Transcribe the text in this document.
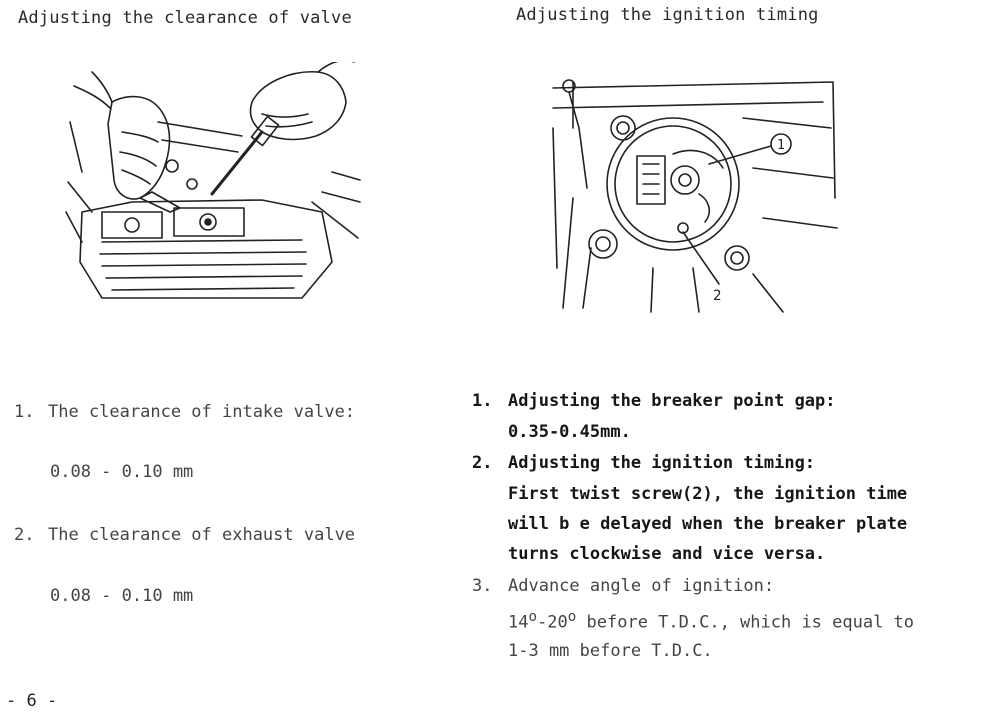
Adjusting the clearance of valve	Adjusting the ignition timing
1
2
1. The clearance of intake valve:
0.08 - 0.10 mm
2. The clearance of exhaust valve
0.08 - 0.10 mm
1. Adjusting the breaker point gap:
0.35-0.45mm.
2. Adjusting the ignition timing:
First twist screw(2), the ignition time
will b e delayed when the breaker plate
turns clockwise and vice versa.
3. Advance angle of ignition:
14$^o$-20$^o$ before T.D.C., which is equal to
1-3 mm before T.D.C.
- 6 -
